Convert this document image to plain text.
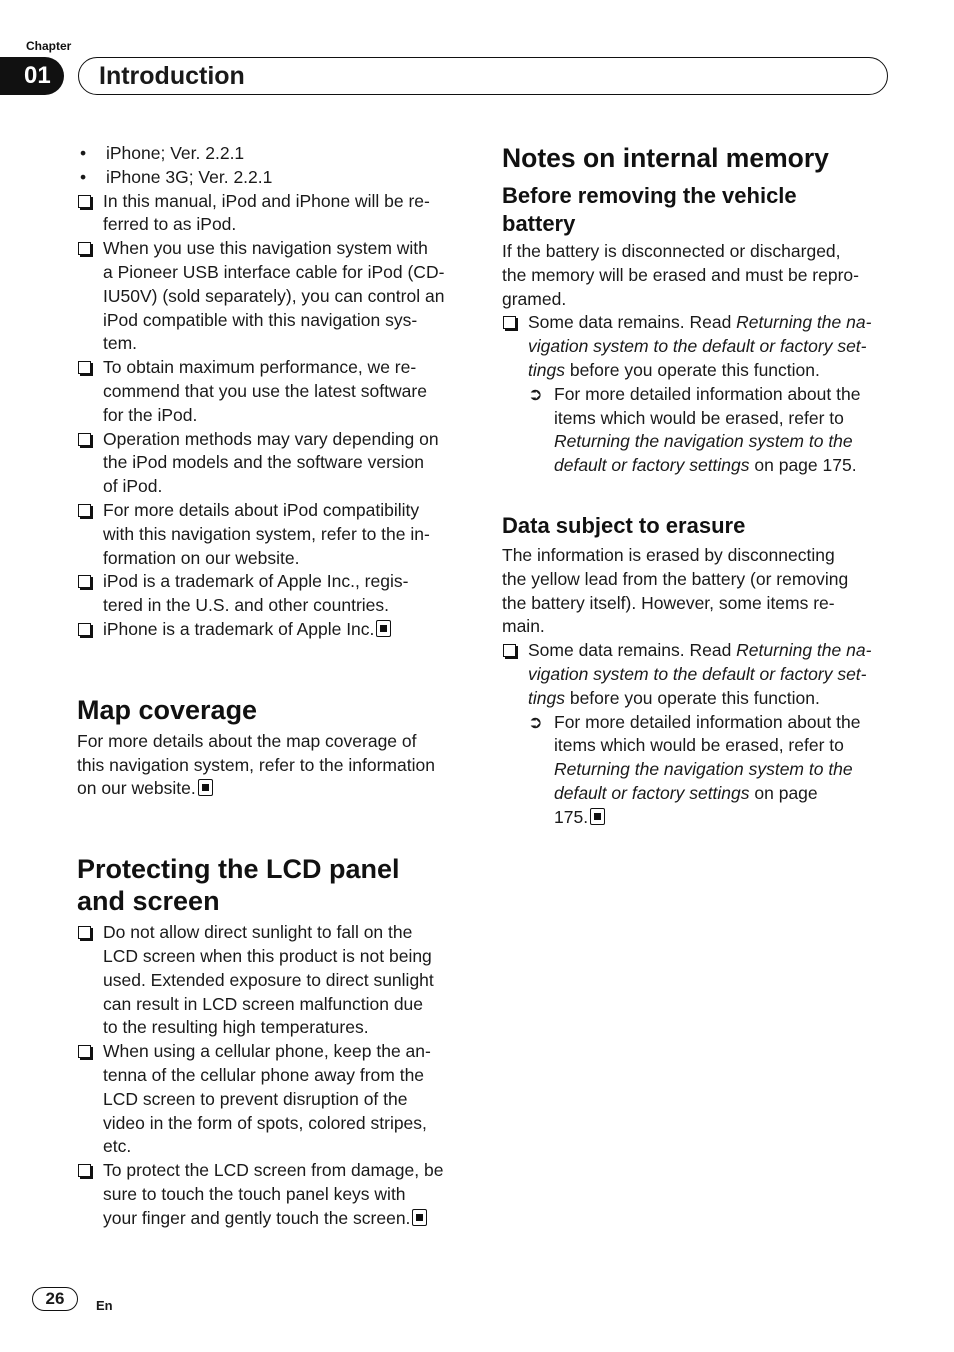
Chapter
01	Introduction
•	iPhone; Ver. 2.2.1
•	iPhone 3G; Ver. 2.2.1
In this manual, iPod and iPhone will be re-
ferred to as iPod.
When you use this navigation system with
a Pioneer USB interface cable for iPod (CD-
IU50V) (sold separately), you can control an
iPod compatible with this navigation sys-
tem.
To obtain maximum performance, we re-
commend that you use the latest software
for the iPod.
Operation methods may vary depending on
the iPod models and the software version
of iPod.
For more details about iPod compatibility
with this navigation system, refer to the in-
formation on our website.
iPod is a trademark of Apple Inc., regis-
tered in the U.S. and other countries.
iPhone is a trademark of Apple Inc.
Map coverage

For more details about the map coverage of
this navigation system, refer to the information
on our website.

Protecting the LCD panel
and screen
Do not allow direct sunlight to fall on the
LCD screen when this product is not being
used. Extended exposure to direct sunlight
can result in LCD screen malfunction due
to the resulting high temperatures.
When using a cellular phone, keep the an-
tenna of the cellular phone away from the
LCD screen to prevent disruption of the
video in the form of spots, colored stripes,
etc.
To protect the LCD screen from damage, be
sure to touch the touch panel keys with
your finger and gently touch the screen.
Notes on internal memory
Before removing the vehicle
battery

If the battery is disconnected or discharged,
the memory will be erased and must be repro-
gramed.

Some data remains. Read Returning the na-
vigation system to the default or factory set-
tings before you operate this function.
➲ For more detailed information about the
items which would be erased, refer to
Returning the navigation system to the
default or factory settings on page 175.
Data subject to erasure

The information is erased by disconnecting
the yellow lead from the battery (or removing
the battery itself). However, some items re-
main.

Some data remains. Read Returning the na-
vigation system to the default or factory set-
tings before you operate this function.
➲ For more detailed information about the
items which would be erased, refer to
Returning the navigation system to the
default or factory settings on page
175.
26	En
